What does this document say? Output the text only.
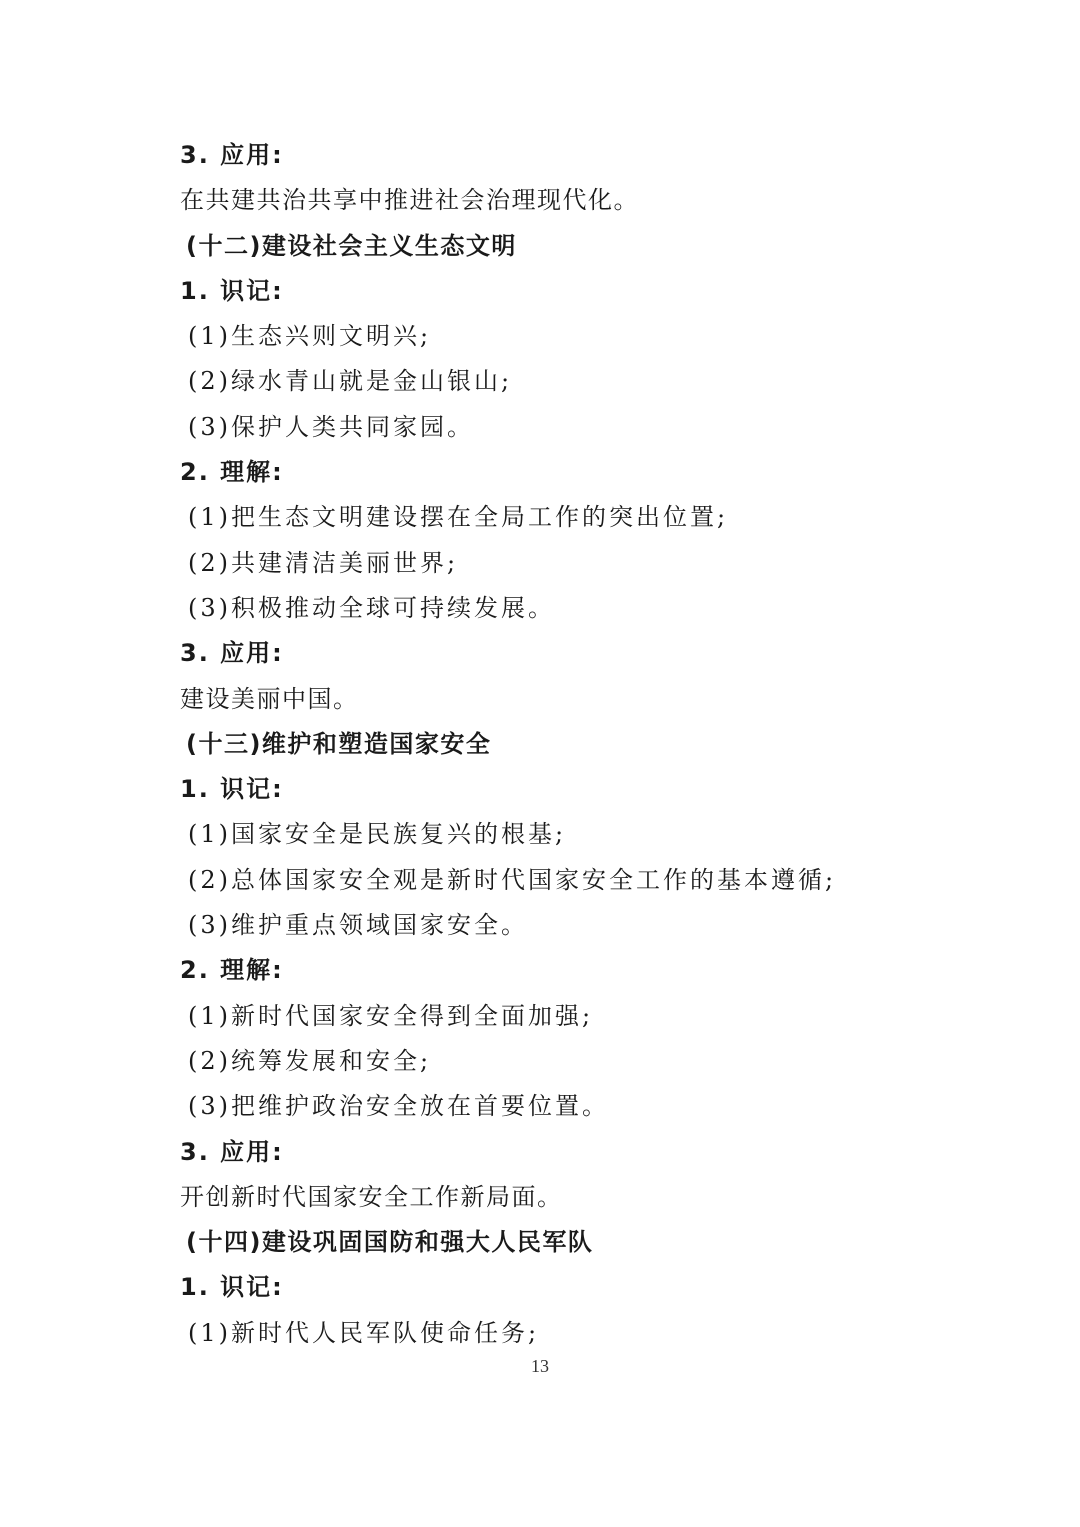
3. 应用:
在共建共治共享中推进社会治理现代化。
(十二)建设社会主义生态文明
1. 识记:
(1)生态兴则文明兴;
(2)绿水青山就是金山银山;
(3)保护人类共同家园。
2. 理解:
(1)把生态文明建设摆在全局工作的突出位置;
(2)共建清洁美丽世界;
(3)积极推动全球可持续发展。
3. 应用:
建设美丽中国。
(十三)维护和塑造国家安全
1. 识记:
(1)国家安全是民族复兴的根基;
(2)总体国家安全观是新时代国家安全工作的基本遵循;
(3)维护重点领域国家安全。
2. 理解:
(1)新时代国家安全得到全面加强;
(2)统筹发展和安全;
(3)把维护政治安全放在首要位置。
3. 应用:
开创新时代国家安全工作新局面。
(十四)建设巩固国防和强大人民军队
1. 识记:
(1)新时代人民军队使命任务;
13
